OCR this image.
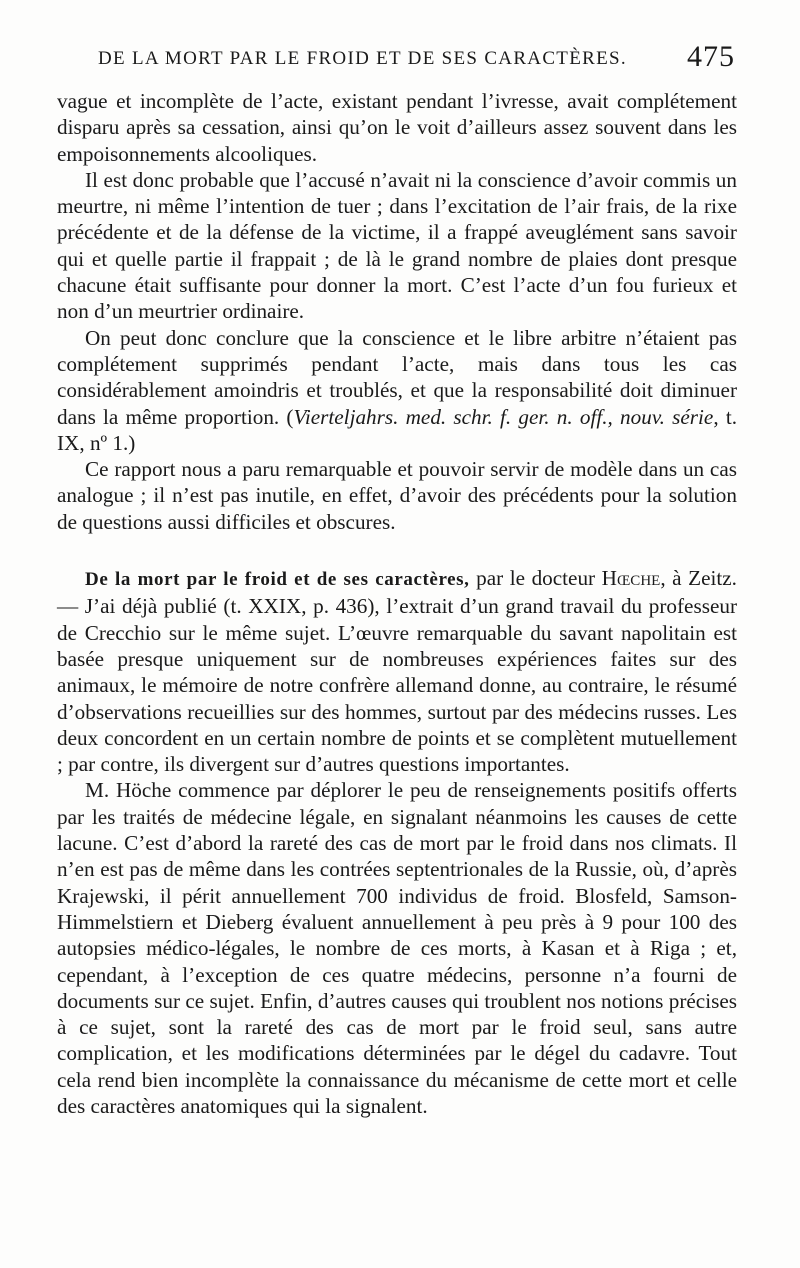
DE LA MORT PAR LE FROID ET DE SES CARACTÈRES. 475

vague et incomplète de l’acte, existant pendant l’ivresse, avait complétement disparu après sa cessation, ainsi qu’on le voit d’ailleurs assez souvent dans les empoisonnements alcooliques.

Il est donc probable que l’accusé n’avait ni la conscience d’avoir commis un meurtre, ni même l’intention de tuer ; dans l’excitation de l’air frais, de la rixe précédente et de la défense de la victime, il a frappé aveuglément sans savoir qui et quelle partie il frappait ; de là le grand nombre de plaies dont presque chacune était suffisante pour donner la mort. C’est l’acte d’un fou furieux et non d’un meurtrier ordinaire.

On peut donc conclure que la conscience et le libre arbitre n’étaient pas complétement supprimés pendant l’acte, mais dans tous les cas considérablement amoindris et troublés, et que la responsabilité doit diminuer dans la même proportion. (Vierteljahrs. med. schr. f. ger. n. off., nouv. série, t. IX, nº 1.)

Ce rapport nous a paru remarquable et pouvoir servir de modèle dans un cas analogue ; il n’est pas inutile, en effet, d’avoir des précédents pour la solution de questions aussi difficiles et obscures.

De la mort par le froid et de ses caractères, par le docteur Hœche, à Zeitz. — J’ai déjà publié (t. XXIX, p. 436), l’extrait d’un grand travail du professeur de Crecchio sur le même sujet. L’œuvre remarquable du savant napolitain est basée presque uniquement sur de nombreuses expériences faites sur des animaux, le mémoire de notre confrère allemand donne, au contraire, le résumé d’observations recueillies sur des hommes, surtout par des médecins russes. Les deux concordent en un certain nombre de points et se complètent mutuellement ; par contre, ils divergent sur d’autres questions importantes.

M. Höche commence par déplorer le peu de renseignements positifs offerts par les traités de médecine légale, en signalant néanmoins les causes de cette lacune. C’est d’abord la rareté des cas de mort par le froid dans nos climats. Il n’en est pas de même dans les contrées septentrionales de la Russie, où, d’après Krajewski, il périt annuellement 700 individus de froid. Blosfeld, Samson-Himmelstiern et Dieberg évaluent annuellement à peu près à 9 pour 100 des autopsies médico-légales, le nombre de ces morts, à Kasan et à Riga ; et, cependant, à l’exception de ces quatre médecins, personne n’a fourni de documents sur ce sujet. Enfin, d’autres causes qui troublent nos notions précises à ce sujet, sont la rareté des cas de mort par le froid seul, sans autre complication, et les modifications déterminées par le dégel du cadavre. Tout cela rend bien incomplète la connaissance du mécanisme de cette mort et celle des caractères anatomiques qui la signalent.
